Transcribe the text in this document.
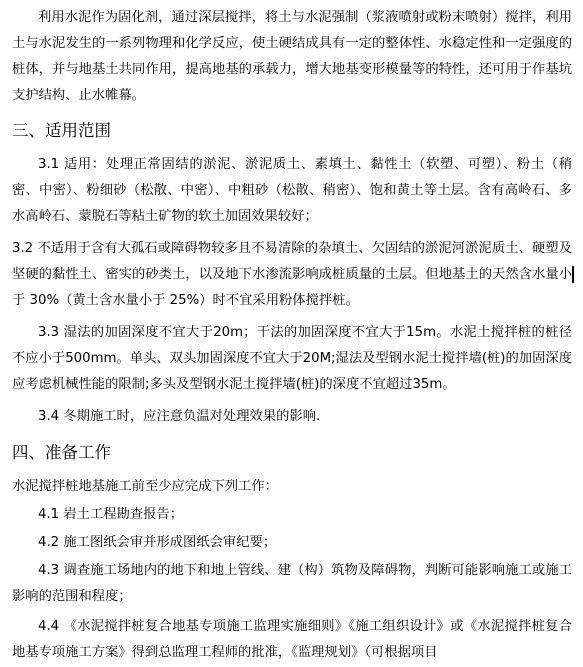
利用水泥作为固化剂，通过深层搅拌，将土与水泥强制（浆液喷射或粉末喷射）搅拌，利用土与水泥发生的一系列物理和化学反应，使土硬结成具有一定的整体性、水稳定性和一定强度的桩体，并与地基土共同作用，提高地基的承载力，增大地基变形模量等的特性，还可用于作基坑支护结构、止水帷幕。

三、适用范围

3.1 适用：处理正常固结的淤泥、淤泥质土、素填土、黏性土（软塑、可塑）、粉土（稍密、中密）、粉细砂（松散、中密）、中粗砂（松散、稍密）、饱和黄土等土层。含有高岭石、多水高岭石、蒙脱石等粘土矿物的软土加固效果较好；

3.2 不适用于含有大孤石或障碍物较多且不易清除的杂填土、欠固结的淤泥河淤泥质土、硬塑及坚硬的黏性土、密实的砂类土，以及地下水渗流影响成桩质量的土层。但地基土的天然含水量小于 30%（黄土含水量小于 25%）时不宜采用粉体搅拌桩。

3.3 湿法的加固深度不宜大于20m；干法的加固深度不宜大于15m。水泥土搅拌桩的桩径不应小于500mm。单头、双头加固深度不宜大于20M;湿法及型钢水泥土搅拌墙(桩)的加固深度应考虑机械性能的限制;多头及型钢水泥土搅拌墙(桩)的深度不宜超过35m。

3.4 冬期施工时，应注意负温对处理效果的影响.

四、准备工作

水泥搅拌桩地基施工前至少应完成下列工作：

4.1 岩土工程勘查报告；

4.2 施工图纸会审并形成图纸会审纪要；

4.3 调查施工场地内的地下和地上管线、建（构）筑物及障碍物，判断可能影响施工或施工影响的范围和程度；

4.4 《水泥搅拌桩复合地基专项施工监理实施细则》《施工组织设计》或《水泥搅拌桩复合地基专项施工方案》得到总监理工程师的批准，《监理规划》（可根据项目
